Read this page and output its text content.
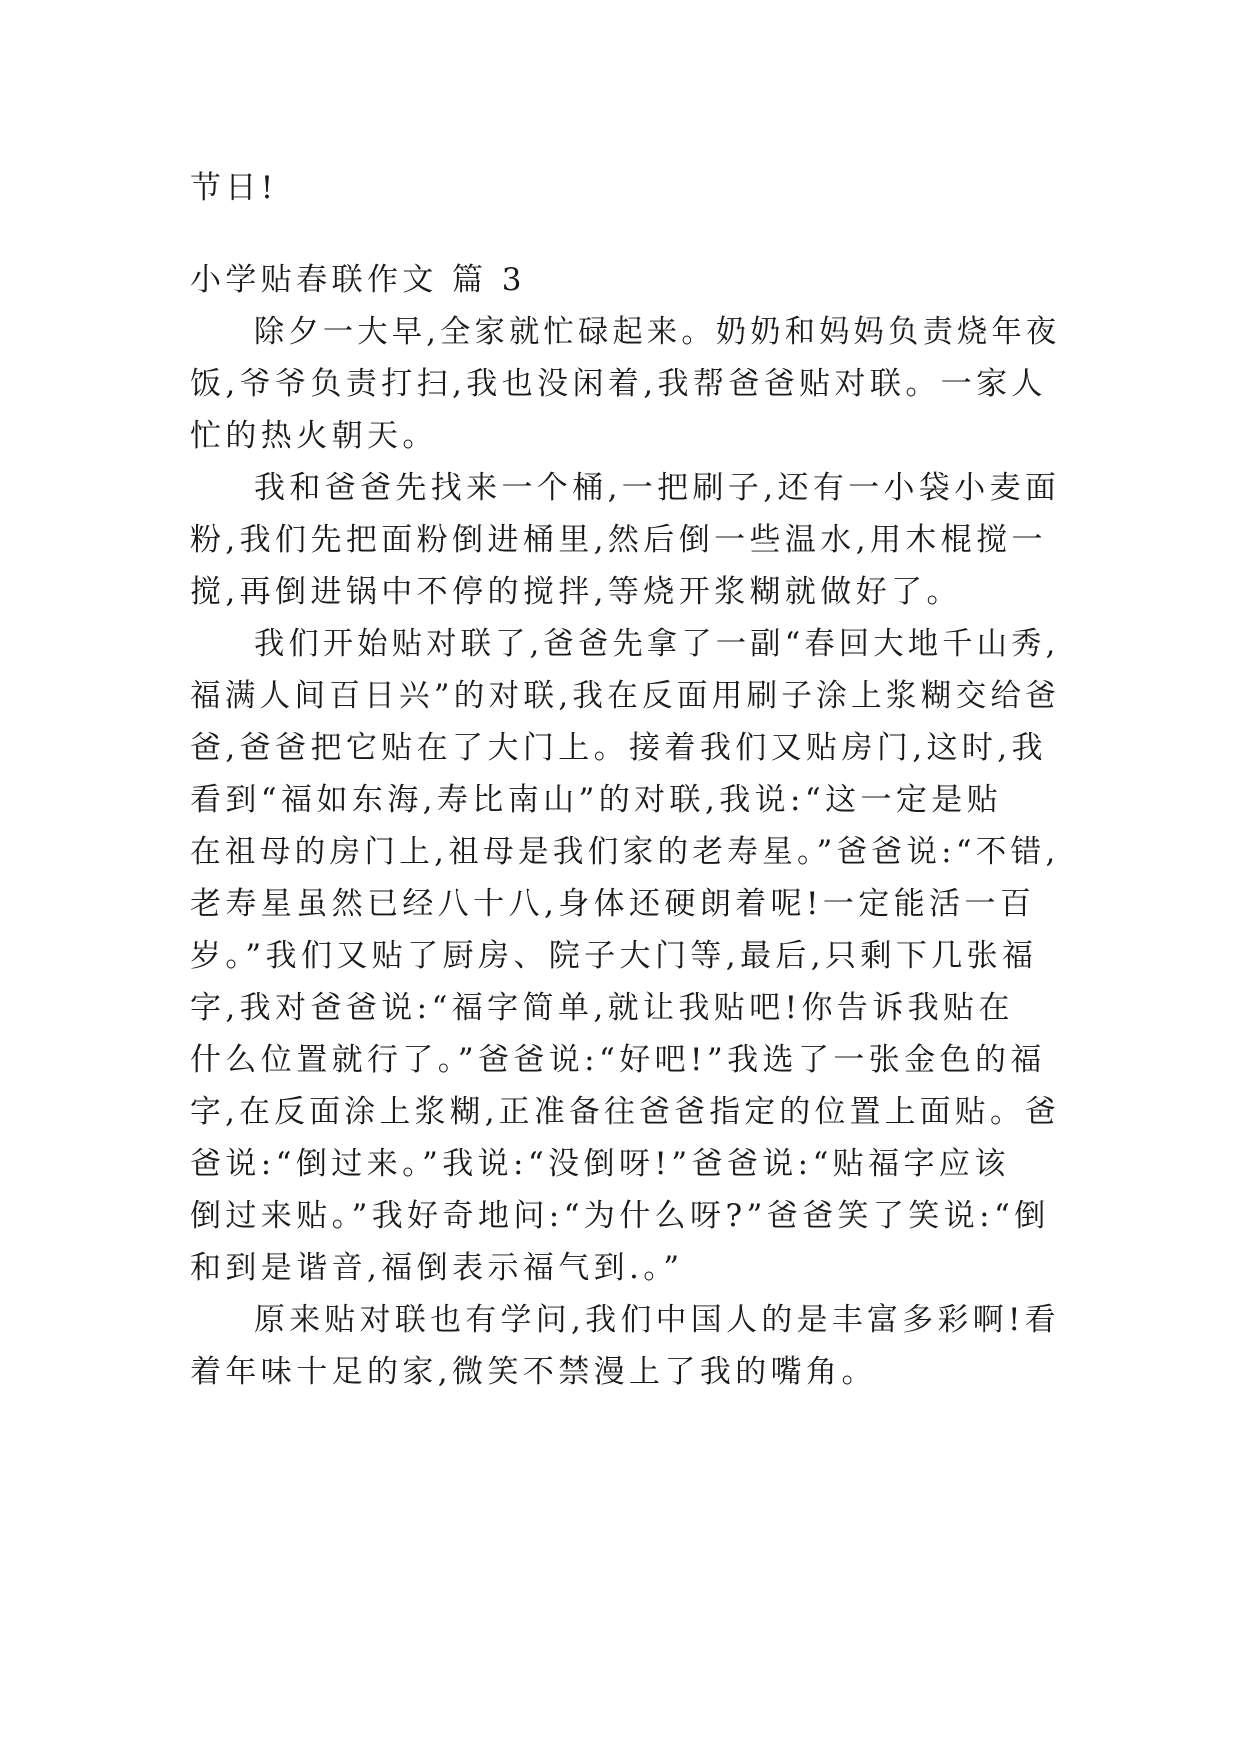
节日!
小学贴春联作文 篇 3
除夕一大早,全家就忙碌起来。奶奶和妈妈负责烧年夜
饭,爷爷负责打扫,我也没闲着,我帮爸爸贴对联。一家人
忙的热火朝天。
我和爸爸先找来一个桶,一把刷子,还有一小袋小麦面
粉,我们先把面粉倒进桶里,然后倒一些温水,用木棍搅一
搅,再倒进锅中不停的搅拌,等烧开浆糊就做好了。
我们开始贴对联了,爸爸先拿了一副“春回大地千山秀,
福满人间百日兴”的对联,我在反面用刷子涂上浆糊交给爸
爸,爸爸把它贴在了大门上。接着我们又贴房门,这时,我
看到“福如东海,寿比南山”的对联,我说:“这一定是贴
在祖母的房门上,祖母是我们家的老寿星。”爸爸说:“不错,
老寿星虽然已经八十八,身体还硬朗着呢!一定能活一百
岁。”我们又贴了厨房、院子大门等,最后,只剩下几张福
字,我对爸爸说:“福字简单,就让我贴吧!你告诉我贴在
什么位置就行了。”爸爸说:“好吧!”我选了一张金色的福
字,在反面涂上浆糊,正准备往爸爸指定的位置上面贴。爸
爸说:“倒过来。”我说:“没倒呀!”爸爸说:“贴福字应该
倒过来贴。”我好奇地问:“为什么呀?”爸爸笑了笑说:“倒
和到是谐音,福倒表示福气到.。”
原来贴对联也有学问,我们中国人的是丰富多彩啊!看
着年味十足的家,微笑不禁漫上了我的嘴角。
